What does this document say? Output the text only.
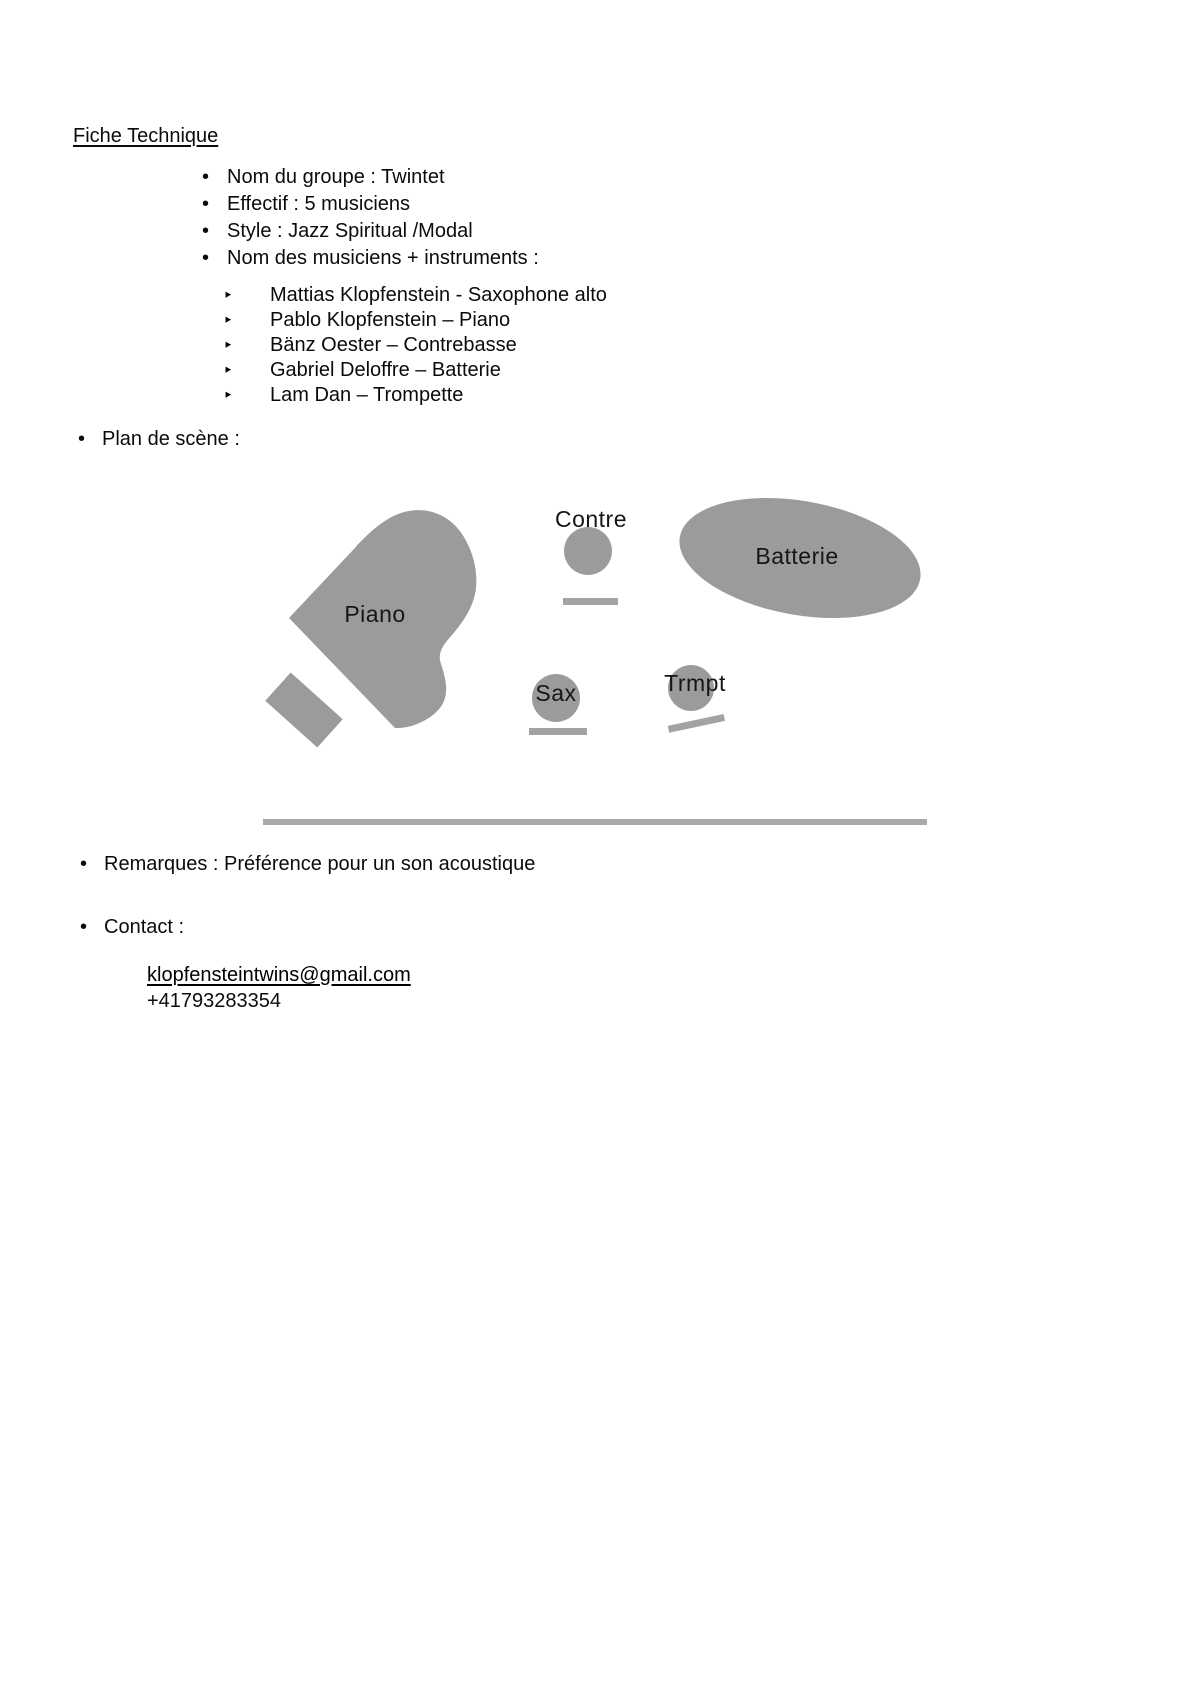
Fiche Technique
• Nom du groupe : Twintet
• Effectif : 5 musiciens
• Style : Jazz Spiritual /Modal
• Nom des musiciens + instruments :
‣	Mattias Klopfenstein - Saxophone alto
‣	Pablo Klopfenstein – Piano
‣	Bänz Oester – Contrebasse
‣	Gabriel Deloffre – Batterie
‣	Lam Dan – Trompette
• Plan de scène :
Piano
Contre
Batterie
Sax	Trmpt
• Remarques : Préférence pour un son acoustique
• Contact :
klopfensteintwins@gmail.com
+41793283354
